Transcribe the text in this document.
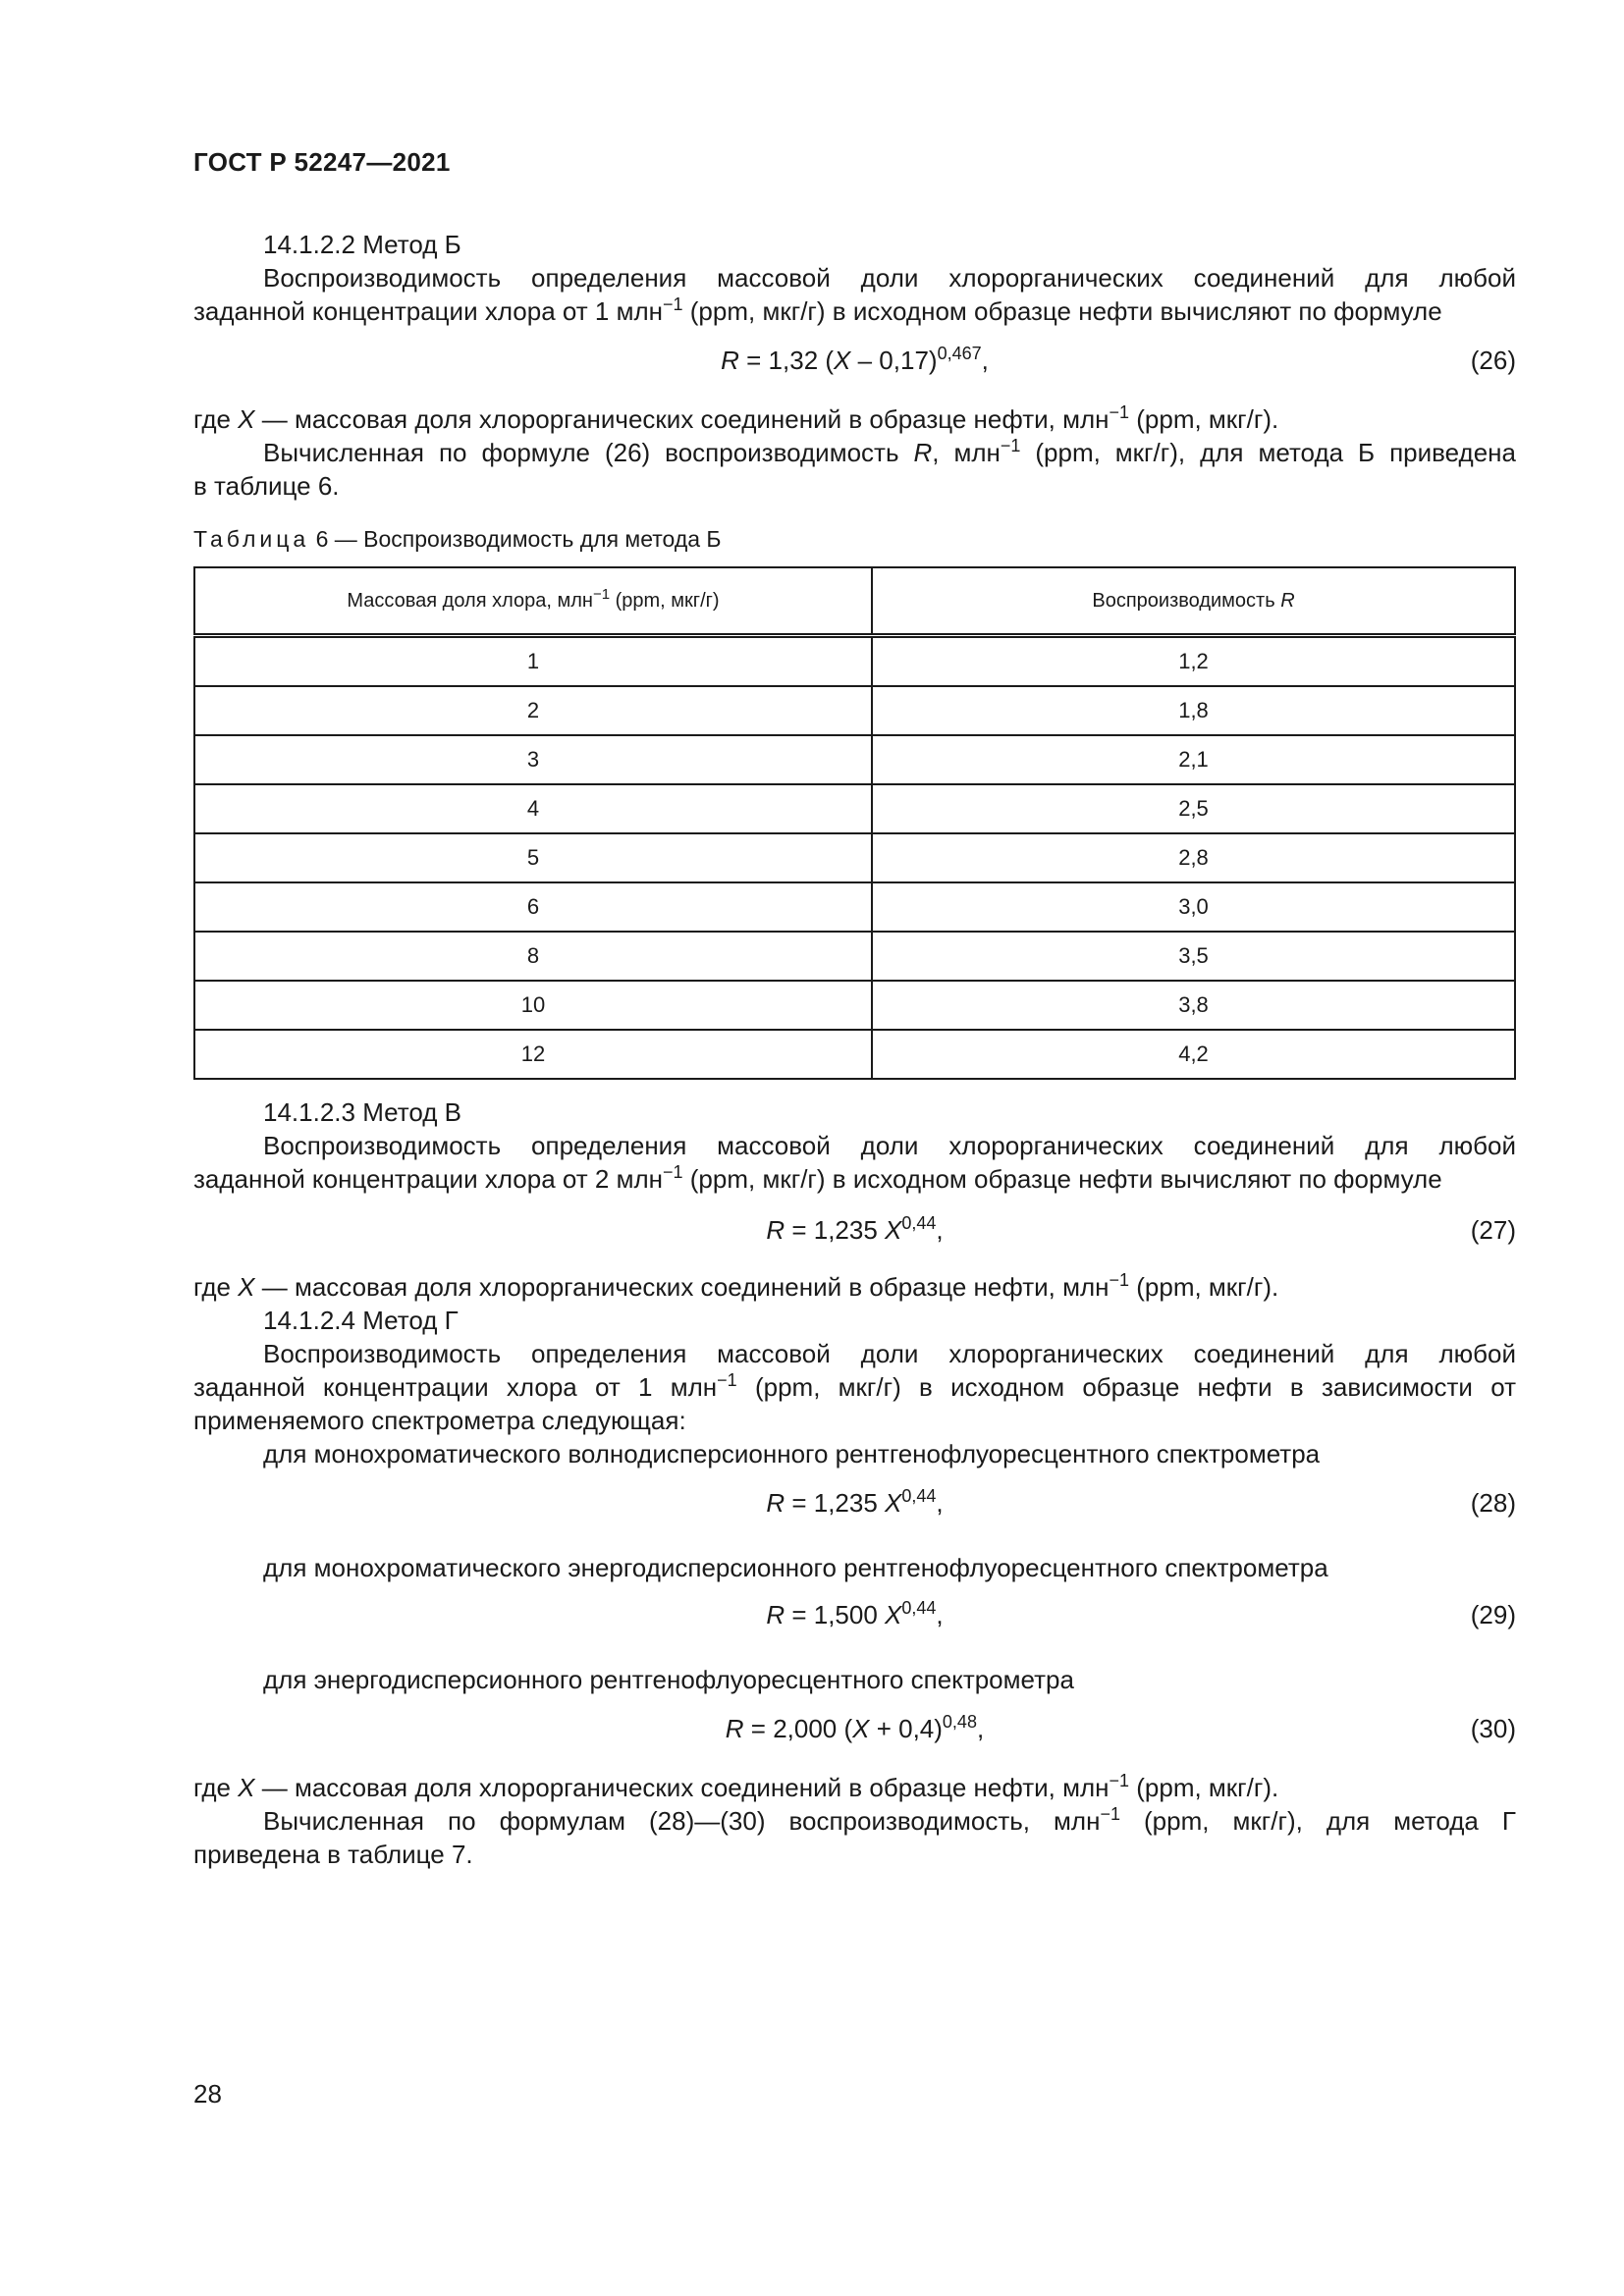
ГОСТ Р 52247—2021
14.1.2.2 Метод Б
Воспроизводимость определения массовой доли хлорорганических соединений для любой
заданной концентрации хлора от 1 млн$^{-1}$ (ppm, мкг/г) в исходном образце нефти вычисляют по формуле
R = 1,32 (X – 0,17)$^{0,467}$,	(26)
где X — массовая доля хлорорганических соединений в образце нефти, млн$^{-1}$ (ppm, мкг/г).
Вычисленная по формуле (26) воспроизводимость R, млн$^{-1}$ (ppm, мкг/г), для метода Б приведена
в таблице 6.
Таблица 6 — Воспроизводимость для метода Б
Массовая доля хлора, млн$^{-1}$ (ppm, мкг/г)	Воспроизводимость R
1	1,2
2	1,8
3	2,1
4	2,5
5	2,8
6	3,0
8	3,5
10	3,8
12	4,2
14.1.2.3 Метод В
Воспроизводимость определения массовой доли хлорорганических соединений для любой
заданной концентрации хлора от 2 млн$^{-1}$ (ppm, мкг/г) в исходном образце нефти вычисляют по формуле
R = 1,235 X$^{0,44}$,	(27)
где X — массовая доля хлорорганических соединений в образце нефти, млн$^{-1}$ (ppm, мкг/г).
14.1.2.4 Метод Г
Воспроизводимость определения массовой доли хлорорганических соединений для любой
заданной концентрации хлора от 1 млн$^{-1}$ (ppm, мкг/г) в исходном образце нефти в зависимости от
применяемого спектрометра следующая:
для монохроматического волнодисперсионного рентгенофлуоресцентного спектрометра
R = 1,235 X$^{0,44}$,	(28)
для монохроматического энергодисперсионного рентгенофлуоресцентного спектрометра
R = 1,500 X$^{0,44}$,	(29)
для энергодисперсионного рентгенофлуоресцентного спектрометра
R = 2,000 $(X + 0,4)^{0,48}$,	(30)
где X — массовая доля хлорорганических соединений в образце нефти, млн$^{-1}$ (ppm, мкг/г).
Вычисленная по формулам (28)—(30) воспроизводимость, млн$^{-1}$ (ppm, мкг/г), для метода Г
приведена в таблице 7.
28
